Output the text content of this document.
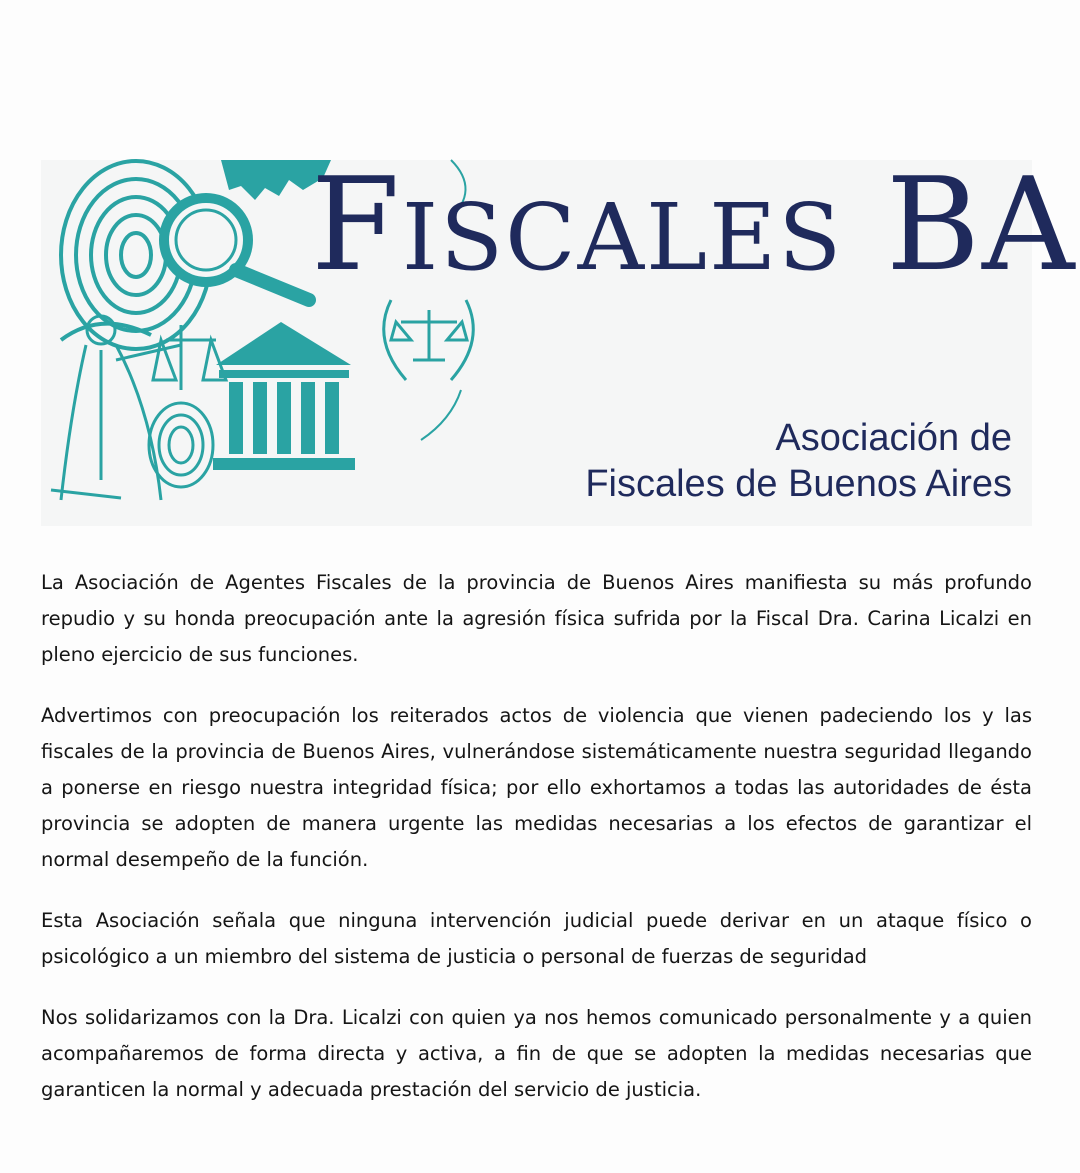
FISCALES BA
Asociación de
Fiscales de Buenos Aires

La Asociación de Agentes Fiscales de la provincia de Buenos Aires manifiesta su más profundo repudio y su honda preocupación ante la agresión física sufrida por la Fiscal Dra. Carina Licalzi en pleno ejercicio de sus funciones.

Advertimos con preocupación los reiterados actos de violencia que vienen padeciendo los y las fiscales de la provincia de Buenos Aires, vulnerándose sistemáticamente nuestra seguridad llegando a ponerse en riesgo nuestra integridad física; por ello exhortamos a todas las autoridades de ésta provincia se adopten de manera urgente las medidas necesarias a los efectos de garantizar el normal desempeño de la función.

Esta Asociación señala que ninguna intervención judicial puede derivar en un ataque físico o psicológico a un miembro del sistema de justicia o personal de fuerzas de seguridad

Nos solidarizamos con la Dra. Licalzi con quien ya nos hemos comunicado personalmente y a quien acompañaremos de forma directa y activa, a fin de que se adopten la medidas necesarias que garanticen la normal y adecuada prestación del servicio de justicia.
